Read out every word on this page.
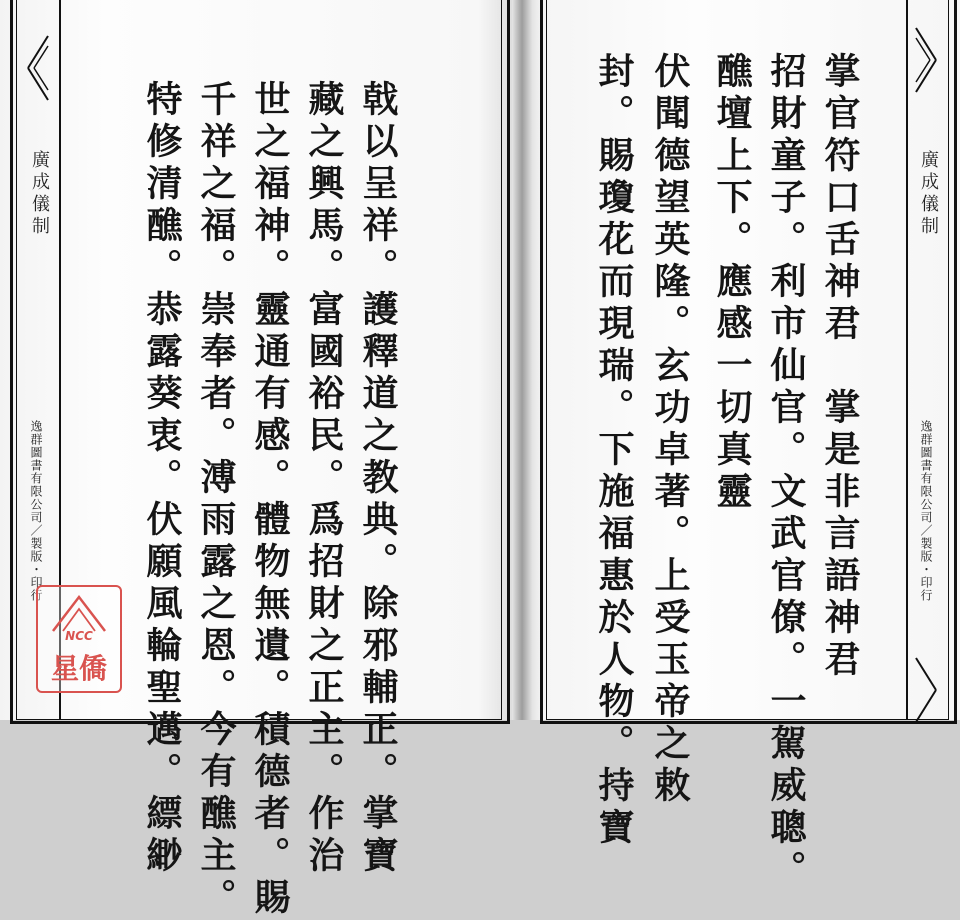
廣成儀制
逸群圖書有限公司／製版・印行
廣成儀制
逸群圖書有限公司／製版・印行
掌官符口舌神君　掌是非言語神君
招財童子。利市仙官。文武官僚。一駕威聰。
醮壇上下。應感一切真靈
伏聞德望英隆。玄功卓著。上受玉帝之敕
封。賜瓊花而現瑞。下施福惠於人物。持寶
戟以呈祥。護釋道之教典。除邪輔正。掌寶
藏之興馬。富國裕民。爲招財之正主。作治
世之福神。靈通有感。體物無遺。積德者。賜
千祥之福。崇奉者。溥雨露之恩。今有醮主。
特修清醮。恭露葵衷。伏願風輪聖邁。縹緲
NCC
星僑
